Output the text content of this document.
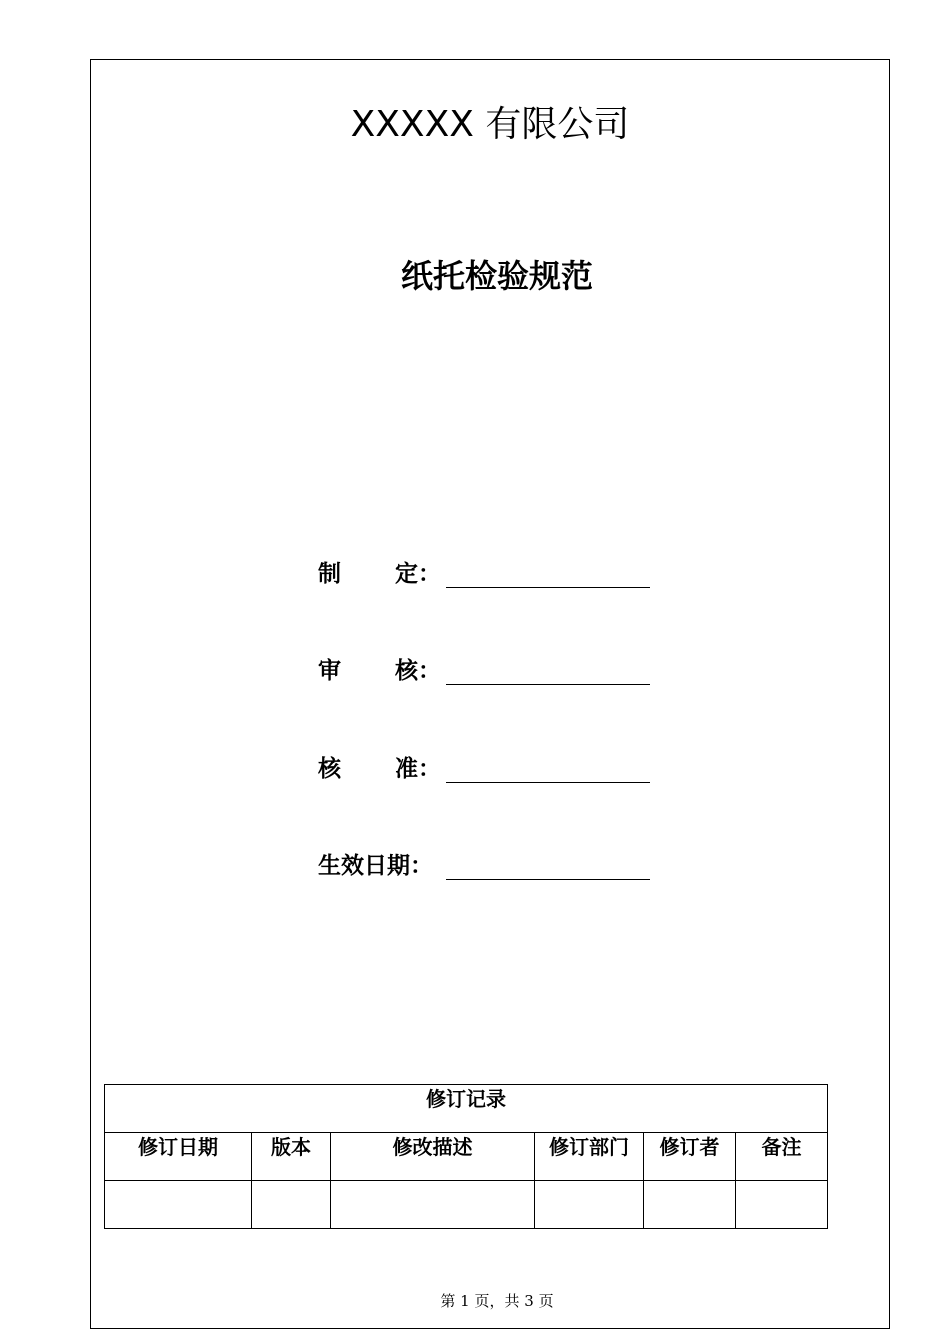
XXXXX 有限公司
纸托检验规范
制 定：
审 核：
核 准：
生效日期：
修订记录					
修订日期	版本	修改描述	修订部门	修订者	备注

第 1 页，共 3 页
